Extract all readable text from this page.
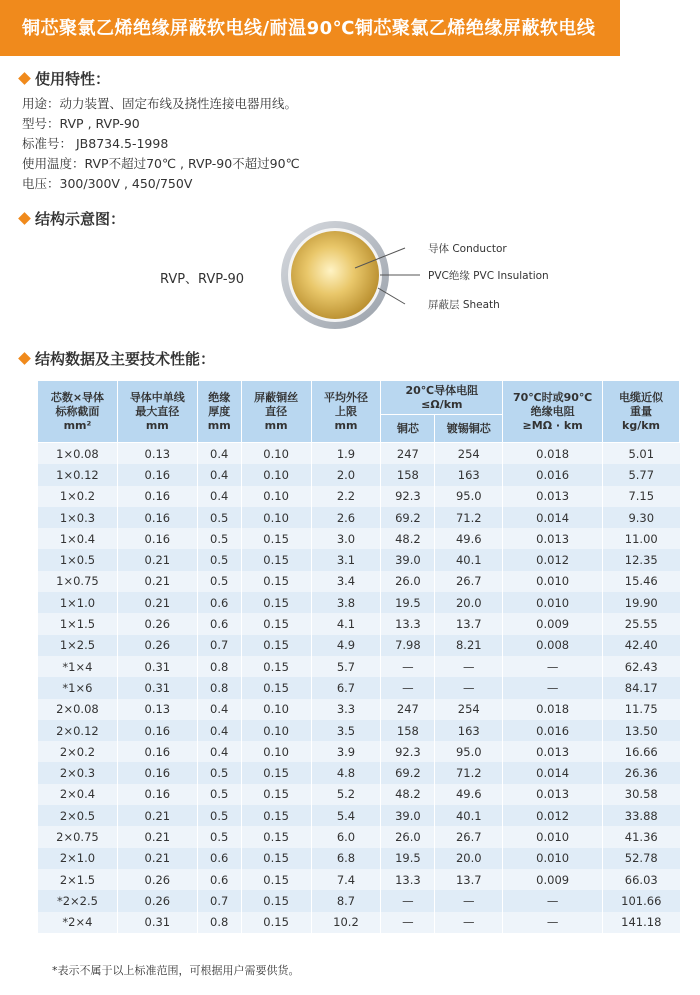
铜芯聚氯乙烯绝缘屏蔽软电线/耐温90℃铜芯聚氯乙烯绝缘屏蔽软电线
使用特性：
用途：动力装置、固定布线及挠性连接电器用线。
型号：RVP , RVP-90
标准号： JB8734.5-1998
使用温度：RVP不超过70℃ , RVP-90不超过90℃
电压：300/300V , 450/750V
结构示意图：
RVP、RVP-90
导体 Conductor
PVC绝缘 PVC Insulation
屏蔽层 Sheath
结构数据及主要技术性能：
芯数×导体
标称截面
mm²	导体中单线
最大直径
mm	绝缘
厚度
mm	屏蔽铜丝
直径
mm	平均外径
上限
mm	20℃导体电阻
≤Ω/km		70℃时或90℃
绝缘电阻
≥MΩ · km	电缆近似
重量
kg/km
					铜芯	镀锡铜芯		
1×0.08	0.13	0.4	0.10	1.9	247	254	0.018	5.01
1×0.12	0.16	0.4	0.10	2.0	158	163	0.016	5.77
1×0.2	0.16	0.4	0.10	2.2	92.3	95.0	0.013	7.15
1×0.3	0.16	0.5	0.10	2.6	69.2	71.2	0.014	9.30
1×0.4	0.16	0.5	0.15	3.0	48.2	49.6	0.013	11.00
1×0.5	0.21	0.5	0.15	3.1	39.0	40.1	0.012	12.35
1×0.75	0.21	0.5	0.15	3.4	26.0	26.7	0.010	15.46
1×1.0	0.21	0.6	0.15	3.8	19.5	20.0	0.010	19.90
1×1.5	0.26	0.6	0.15	4.1	13.3	13.7	0.009	25.55
1×2.5	0.26	0.7	0.15	4.9	7.98	8.21	0.008	42.40
*1×4	0.31	0.8	0.15	5.7	—	—	—	62.43
*1×6	0.31	0.8	0.15	6.7	—	—	—	84.17
2×0.08	0.13	0.4	0.10	3.3	247	254	0.018	11.75
2×0.12	0.16	0.4	0.10	3.5	158	163	0.016	13.50
2×0.2	0.16	0.4	0.10	3.9	92.3	95.0	0.013	16.66
2×0.3	0.16	0.5	0.15	4.8	69.2	71.2	0.014	26.36
2×0.4	0.16	0.5	0.15	5.2	48.2	49.6	0.013	30.58
2×0.5	0.21	0.5	0.15	5.4	39.0	40.1	0.012	33.88
2×0.75	0.21	0.5	0.15	6.0	26.0	26.7	0.010	41.36
2×1.0	0.21	0.6	0.15	6.8	19.5	20.0	0.010	52.78
2×1.5	0.26	0.6	0.15	7.4	13.3	13.7	0.009	66.03
*2×2.5	0.26	0.7	0.15	8.7	—	—	—	101.66
*2×4	0.31	0.8	0.15	10.2	—	—	—	141.18
*表示不属于以上标准范围，可根据用户需要供货。
